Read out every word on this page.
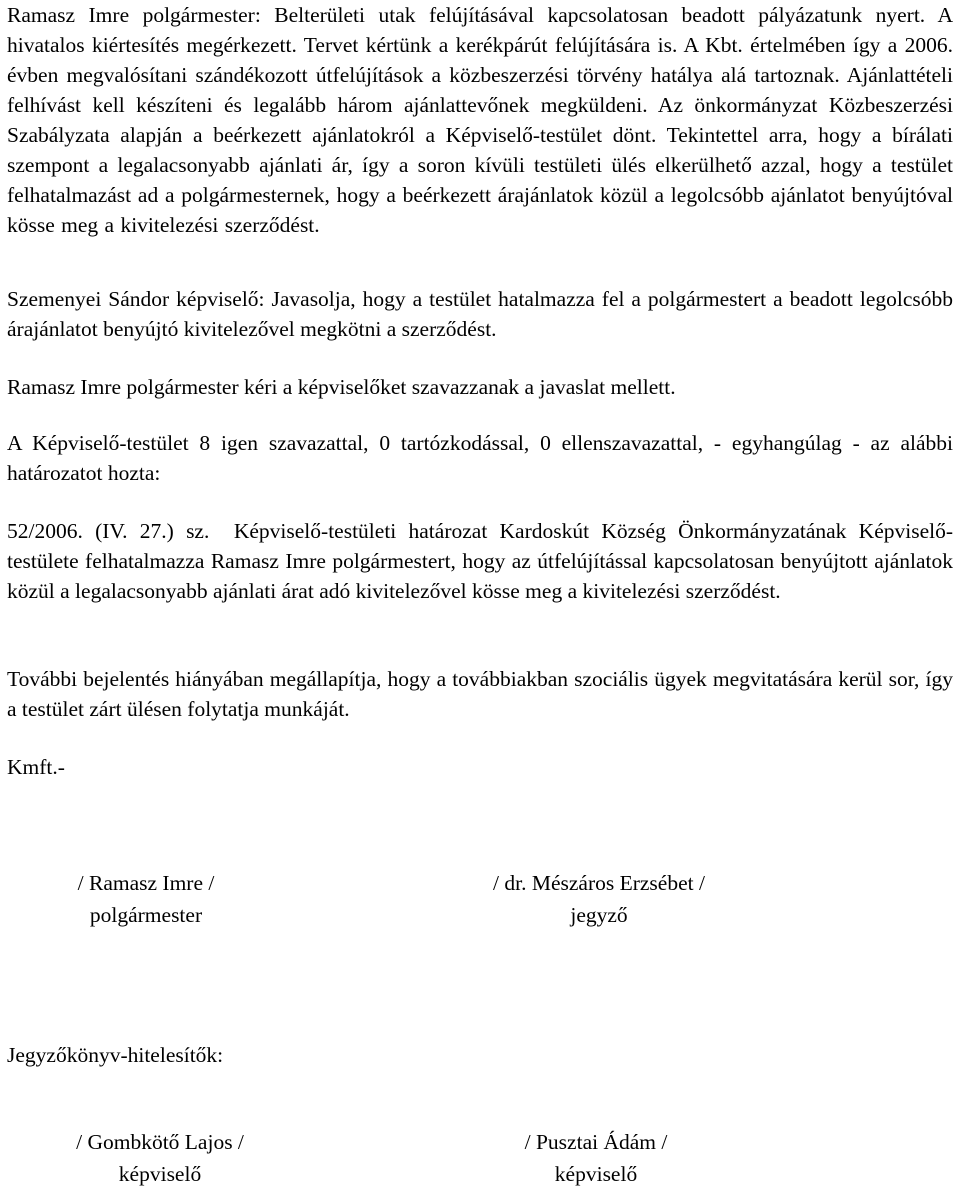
Ramasz Imre polgármester: Belterületi utak felújításával kapcsolatosan beadott pályázatunk nyert. A hivatalos kiértesítés megérkezett. Tervet kértünk a kerékpárút felújítására is. A Kbt. értelmében így a 2006. évben megvalósítani szándékozott útfelújítások a közbeszerzési törvény hatálya alá tartoznak. Ajánlattételi felhívást kell készíteni és legalább három ajánlattevőnek megküldeni. Az önkormányzat Közbeszerzési Szabályzata alapján a beérkezett ajánlatokról a Képviselő-testület dönt. Tekintettel arra, hogy a bírálati szempont a legalacsonyabb ajánlati ár, így a soron kívüli testületi ülés elkerülhető azzal, hogy a testület felhatalmazást ad a polgármesternek, hogy a beérkezett árajánlatok közül a legolcsóbb ajánlatot benyújtóval kösse meg a kivitelezési szerződést.

Szemenyei Sándor képviselő: Javasolja, hogy a testület hatalmazza fel a polgármestert a beadott legolcsóbb árajánlatot benyújtó kivitelezővel megkötni a szerződést.

Ramasz Imre polgármester kéri a képviselőket szavazzanak a javaslat mellett.

A Képviselő-testület 8 igen szavazattal, 0 tartózkodással, 0 ellenszavazattal, - egyhangúlag - az alábbi határozatot hozta:

52/2006. (IV. 27.) sz. Képviselő-testületi határozat Kardoskút Község Önkormányzatának Képviselő-testülete felhatalmazza Ramasz Imre polgármestert, hogy az útfelújítással kapcsolatosan benyújtott ajánlatok közül a legalacsonyabb ajánlati árat adó kivitelezővel kösse meg a kivitelezési szerződést.

További bejelentés hiányában megállapítja, hogy a továbbiakban szociális ügyek megvitatására kerül sor, így a testület zárt ülésen folytatja munkáját.

Kmft.-
/ Ramasz Imre /
polgármester
/ dr. Mészáros Erzsébet /
jegyző
Jegyzőkönyv-hitelesítők:
/ Gombkötő Lajos /
képviselő
/ Pusztai Ádám /
képviselő
